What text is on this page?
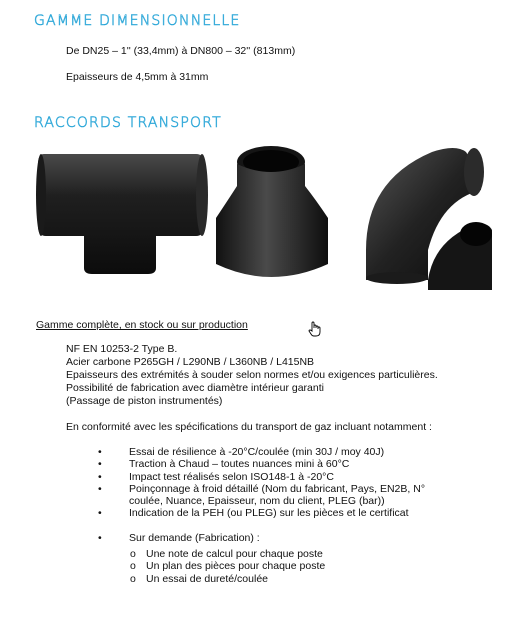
GAMME DIMENSIONNELLE
De DN25 – 1'' (33,4mm) à DN800 – 32'' (813mm)
Epaisseurs de 4,5mm à 31mm
RACCORDS TRANSPORT
Gamme complète, en stock ou sur production
NF EN 10253-2 Type B.
Acier carbone P265GH / L290NB / L360NB / L415NB
Epaisseurs des extrémités à souder selon normes et/ou exigences particulières.
Possibilité de fabrication avec diamètre intérieur garanti
(Passage de piston instrumentés)
En conformité avec les spécifications du transport de gaz incluant notamment :
•	Essai de résilience à -20°C/coulée (min 30J / moy 40J)
•	Traction à Chaud – toutes nuances mini à 60°C
•	Impact test réalisés selon ISO148-1 à -20°C
•	Poinçonnage à froid détaillé (Nom du fabricant, Pays, EN2B, N°
coulée, Nuance, Epaisseur, nom du client, PLEG (bar))
•	Indication de la PEH (ou PLEG) sur les pièces et le certificat
•	Sur demande (Fabrication) :
o Une note de calcul pour chaque poste
o Un plan des pièces pour chaque poste
o Un essai de dureté/coulée
